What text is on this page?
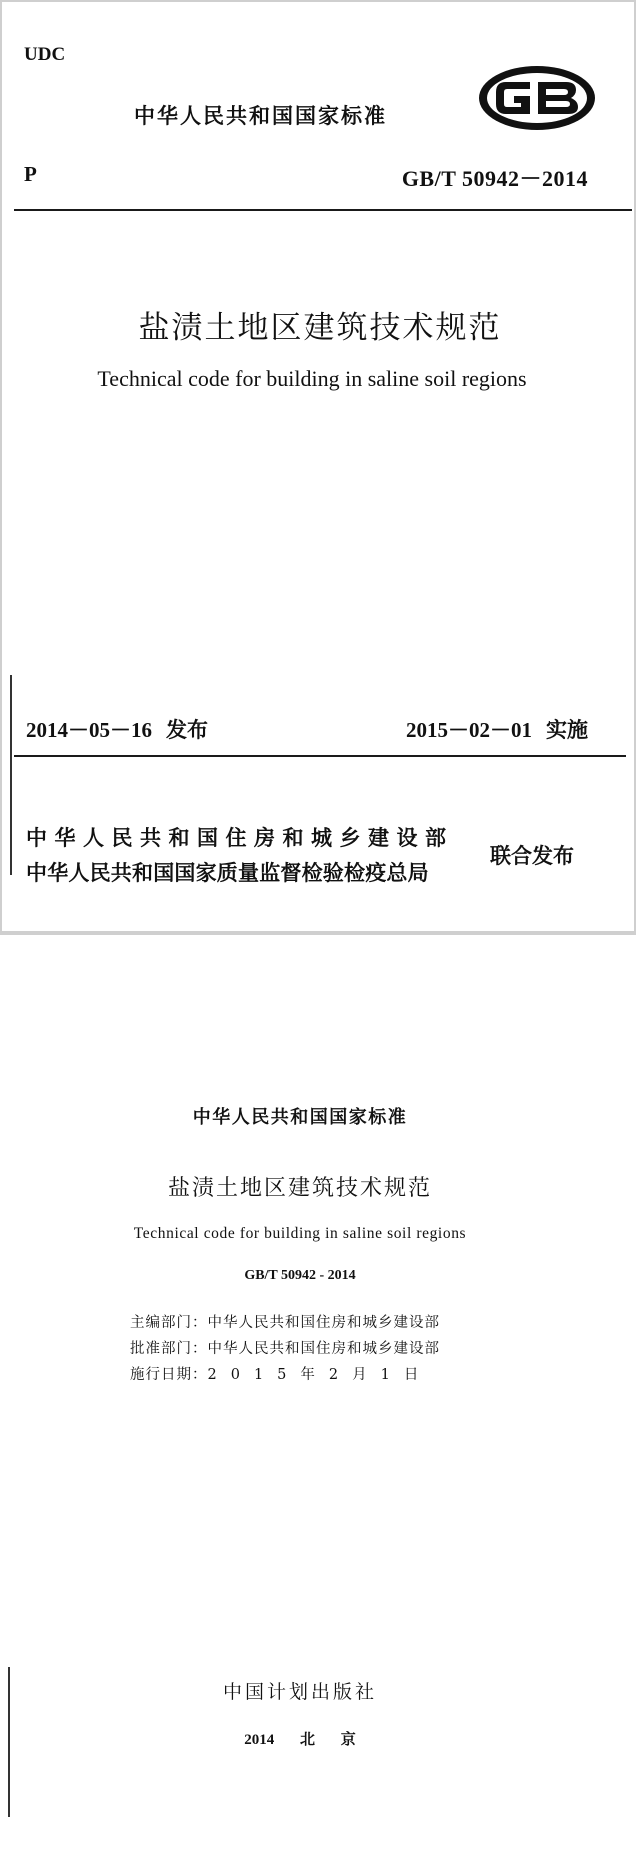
UDC
中华人民共和国国家标准
P	GB/T 50942－2014
盐渍土地区建筑技术规范
Technical code for building in saline soil regions
2014－05－16 发布	2015－02－01 实施
中华人民共和国住房和城乡建设部
中华人民共和国国家质量监督检验检疫总局
联合发布
中华人民共和国国家标准
盐渍土地区建筑技术规范
Technical code for building in saline soil regions
GB/T 50942 - 2014
主编部门：中华人民共和国住房和城乡建设部
批准部门：中华人民共和国住房和城乡建设部
施行日期：2015年2月1日
中国计划出版社
2014 北 京
